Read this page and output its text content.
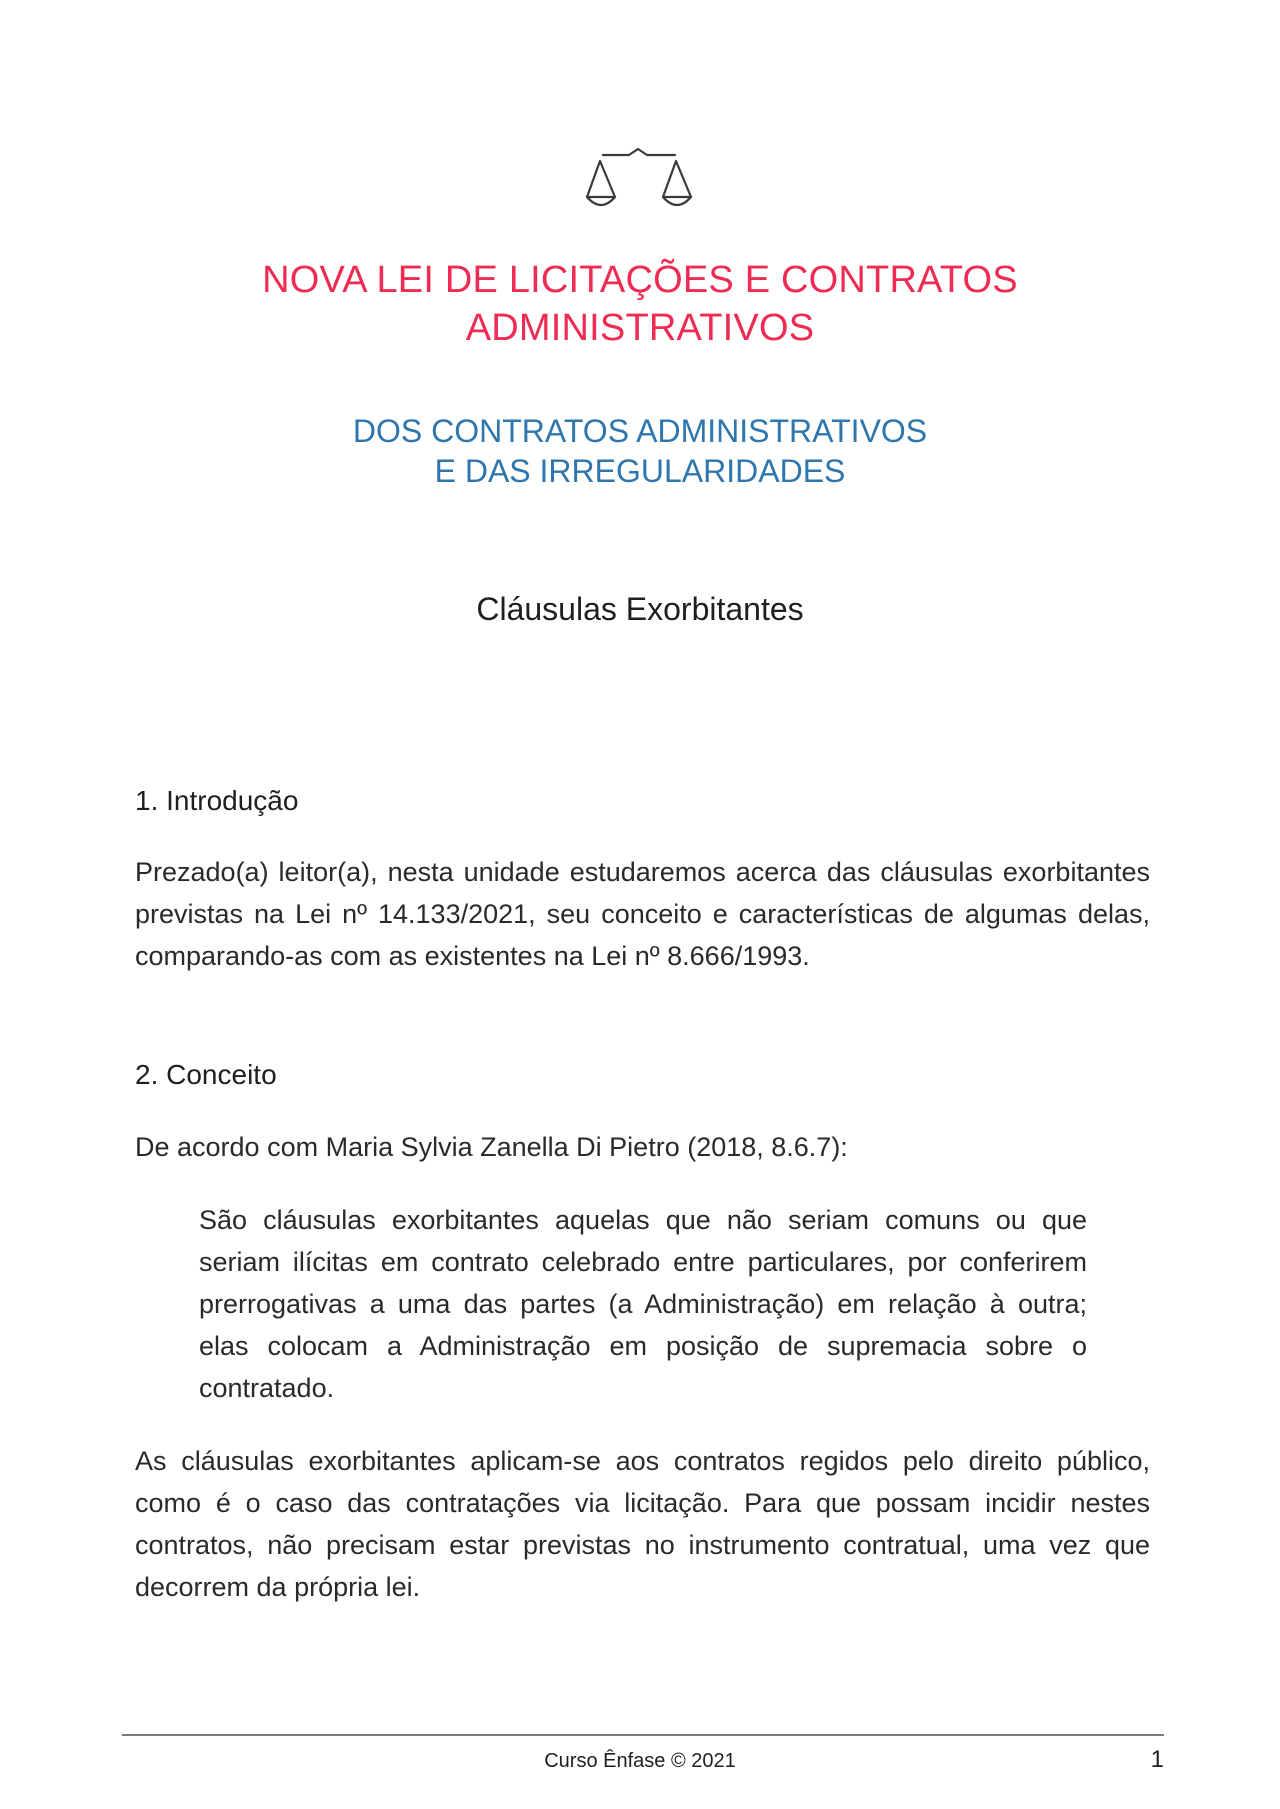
NOVA LEI DE LICITAÇÕES E CONTRATOS
ADMINISTRATIVOS
DOS CONTRATOS ADMINISTRATIVOS
E DAS IRREGULARIDADES
Cláusulas Exorbitantes
1. Introdução
Prezado(a) leitor(a), nesta unidade estudaremos acerca das cláusulas exorbitantes previstas na Lei nº 14.133/2021, seu conceito e características de algumas delas, comparando-as com as existentes na Lei nº 8.666/1993.
2. Conceito
De acordo com Maria Sylvia Zanella Di Pietro (2018, 8.6.7):
São cláusulas exorbitantes aquelas que não seriam comuns ou que seriam ilícitas em contrato celebrado entre particulares, por conferirem prerrogativas a uma das partes (a Administração) em relação à outra; elas colocam a Administração em posição de supremacia sobre o contratado.
As cláusulas exorbitantes aplicam-se aos contratos regidos pelo direito público, como é o caso das contratações via licitação. Para que possam incidir nestes contratos, não precisam estar previstas no instrumento contratual, uma vez que decorrem da própria lei.
Curso Ênfase © 2021	1
